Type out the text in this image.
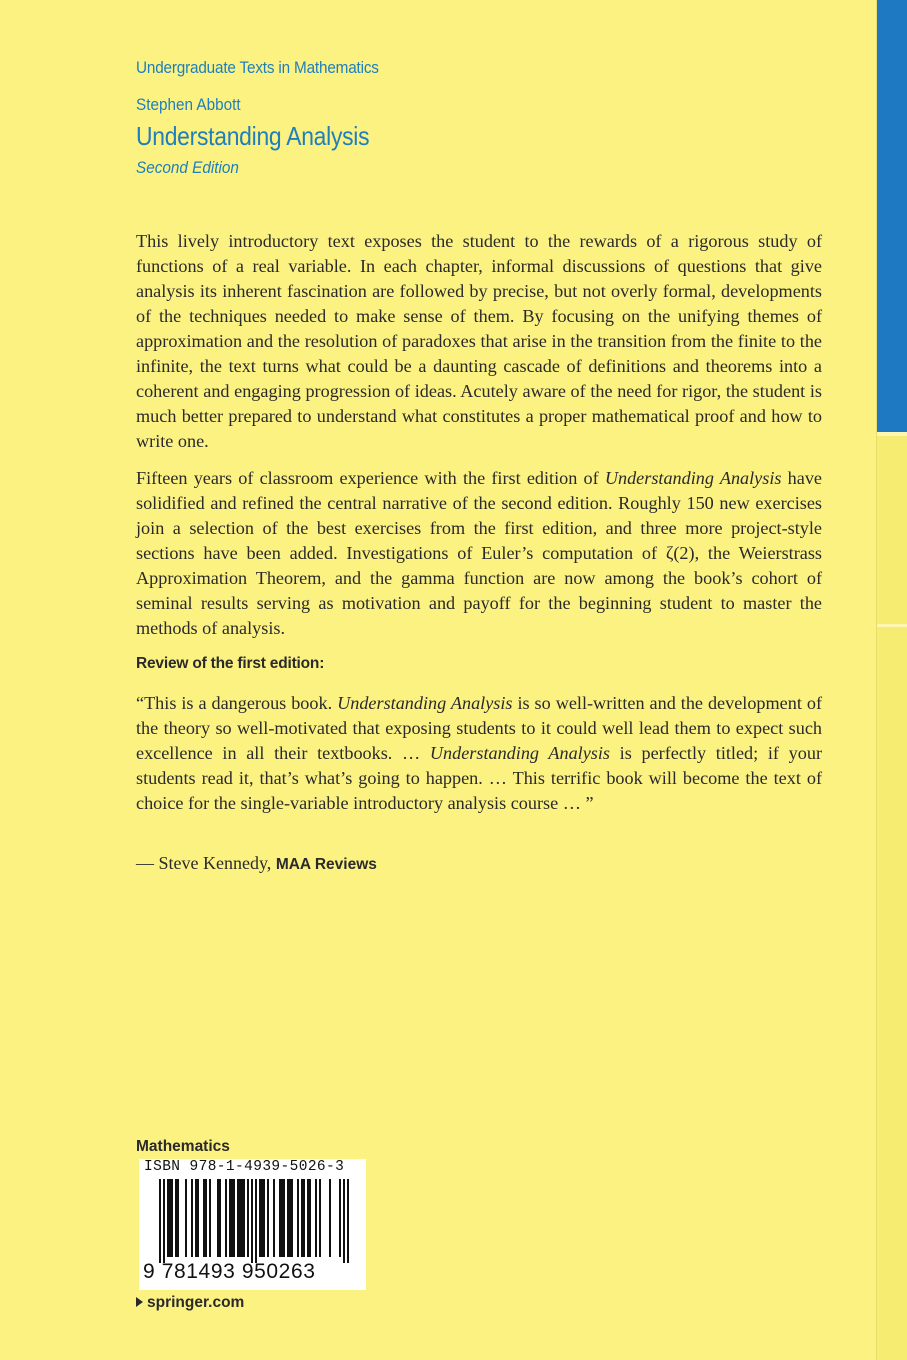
Undergraduate Texts in Mathematics
Stephen Abbott
Understanding Analysis
Second Edition

This lively introductory text exposes the student to the rewards of a rigorous study of functions of a real variable. In each chapter, informal discussions of questions that give analysis its inherent fascination are followed by precise, but not overly formal, developments of the techniques needed to make sense of them. By focusing on the unifying themes of approximation and the resolution of paradoxes that arise in the transition from the finite to the infinite, the text turns what could be a daunting cascade of definitions and theorems into a coherent and engaging progression of ideas. Acutely aware of the need for rigor, the student is much better prepared to understand what constitutes a proper mathematical proof and how to write one.

Fifteen years of classroom experience with the first edition of Understanding Analysis have solidified and refined the central narrative of the second edition. Roughly 150 new exercises join a selection of the best exercises from the first edition, and three more project-style sections have been added. Investigations of Euler’s computation of ζ(2), the Weierstrass Approximation Theorem, and the gamma function are now among the book’s cohort of seminal results serving as motivation and payoff for the beginning student to master the methods of analysis.

Review of the first edition:

“This is a dangerous book. Understanding Analysis is so well-written and the development of the theory so well-motivated that exposing students to it could well lead them to expect such excellence in all their textbooks. … Understanding Analysis is perfectly titled; if your students read it, that’s what’s going to happen. … This terrific book will become the text of choice for the single-variable introductory analysis course … ”

— Steve Kennedy, MAA Reviews
Mathematics
ISBN 978-1-4939-5026-3
9 781493 950263
springer.com
